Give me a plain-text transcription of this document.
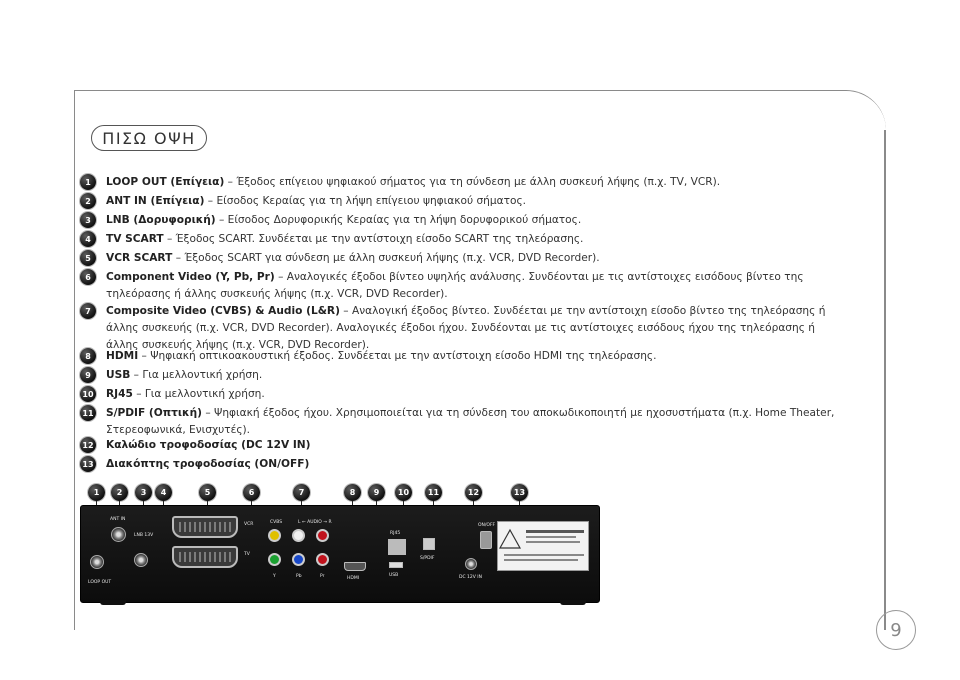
ΠΙΣΩ ΟΨΗ
1	LOOP OUT (Επίγεια) – Έξοδος επίγειου ψηφιακού σήματος για τη σύνδεση με άλλη συσκευή λήψης (π.χ. TV, VCR).
2	ANT IN (Επίγεια) – Είσοδος Κεραίας για τη λήψη επίγειου ψηφιακού σήματος.
3	LNB (Δορυφορική) – Είσοδος Δορυφορικής Κεραίας για τη λήψη δορυφορικού σήματος.
4	TV SCART – Έξοδος SCART. Συνδέεται με την αντίστοιχη είσοδο SCART της τηλεόρασης.
5	VCR SCART – Έξοδος SCART για σύνδεση με άλλη συσκευή λήψης (π.χ. VCR, DVD Recorder).
6	Component Video (Y, Pb, Pr) – Αναλογικές έξοδοι βίντεο υψηλής ανάλυσης. Συνδέονται με τις αντίστοιχες εισόδους βίντεο της τηλεόρασης ή άλλης συσκευής λήψης (π.χ. VCR, DVD Recorder).
7	Composite Video (CVBS) & Audio (L&R) – Αναλογική έξοδος βίντεο. Συνδέεται με την αντίστοιχη είσοδο βίντεο της τηλεόρασης ή άλλης συσκευής (π.χ. VCR, DVD Recorder). Αναλογικές έξοδοι ήχου. Συνδέονται με τις αντίστοιχες εισόδους ήχου της τηλεόρασης ή άλλης συσκευής λήψης (π.χ. VCR, DVD Recorder).
8	HDMI – Ψηφιακή οπτικοακουστική έξοδος. Συνδέεται με την αντίστοιχη είσοδο HDMI της τηλεόρασης.
9	USB – Για μελλοντική χρήση.
10 RJ45 – Για μελλοντική χρήση.
11 S/PDIF (Οπτική) – Ψηφιακή έξοδος ήχου. Χρησιμοποιείται για τη σύνδεση του αποκωδικοποιητή με ηχοσυστήματα (π.χ. Home Theater, Στερεοφωνικά, Ενισχυτές).
12 Καλώδιο τροφοδοσίας (DC 12V IN)
13 Διακόπτης τροφοδοσίας (ON/OFF)
1	2	3	4	5	6	7	8	9	10	11	12	13
ANT IN
LNB 13V
LOOP OUT
VCR
TV
CVBS	L ← AUDIO → R
Y	Pb	Pr	HDMI
RJ45
USB
S/PDIF
DC 12V IN
ON/OFF
9
